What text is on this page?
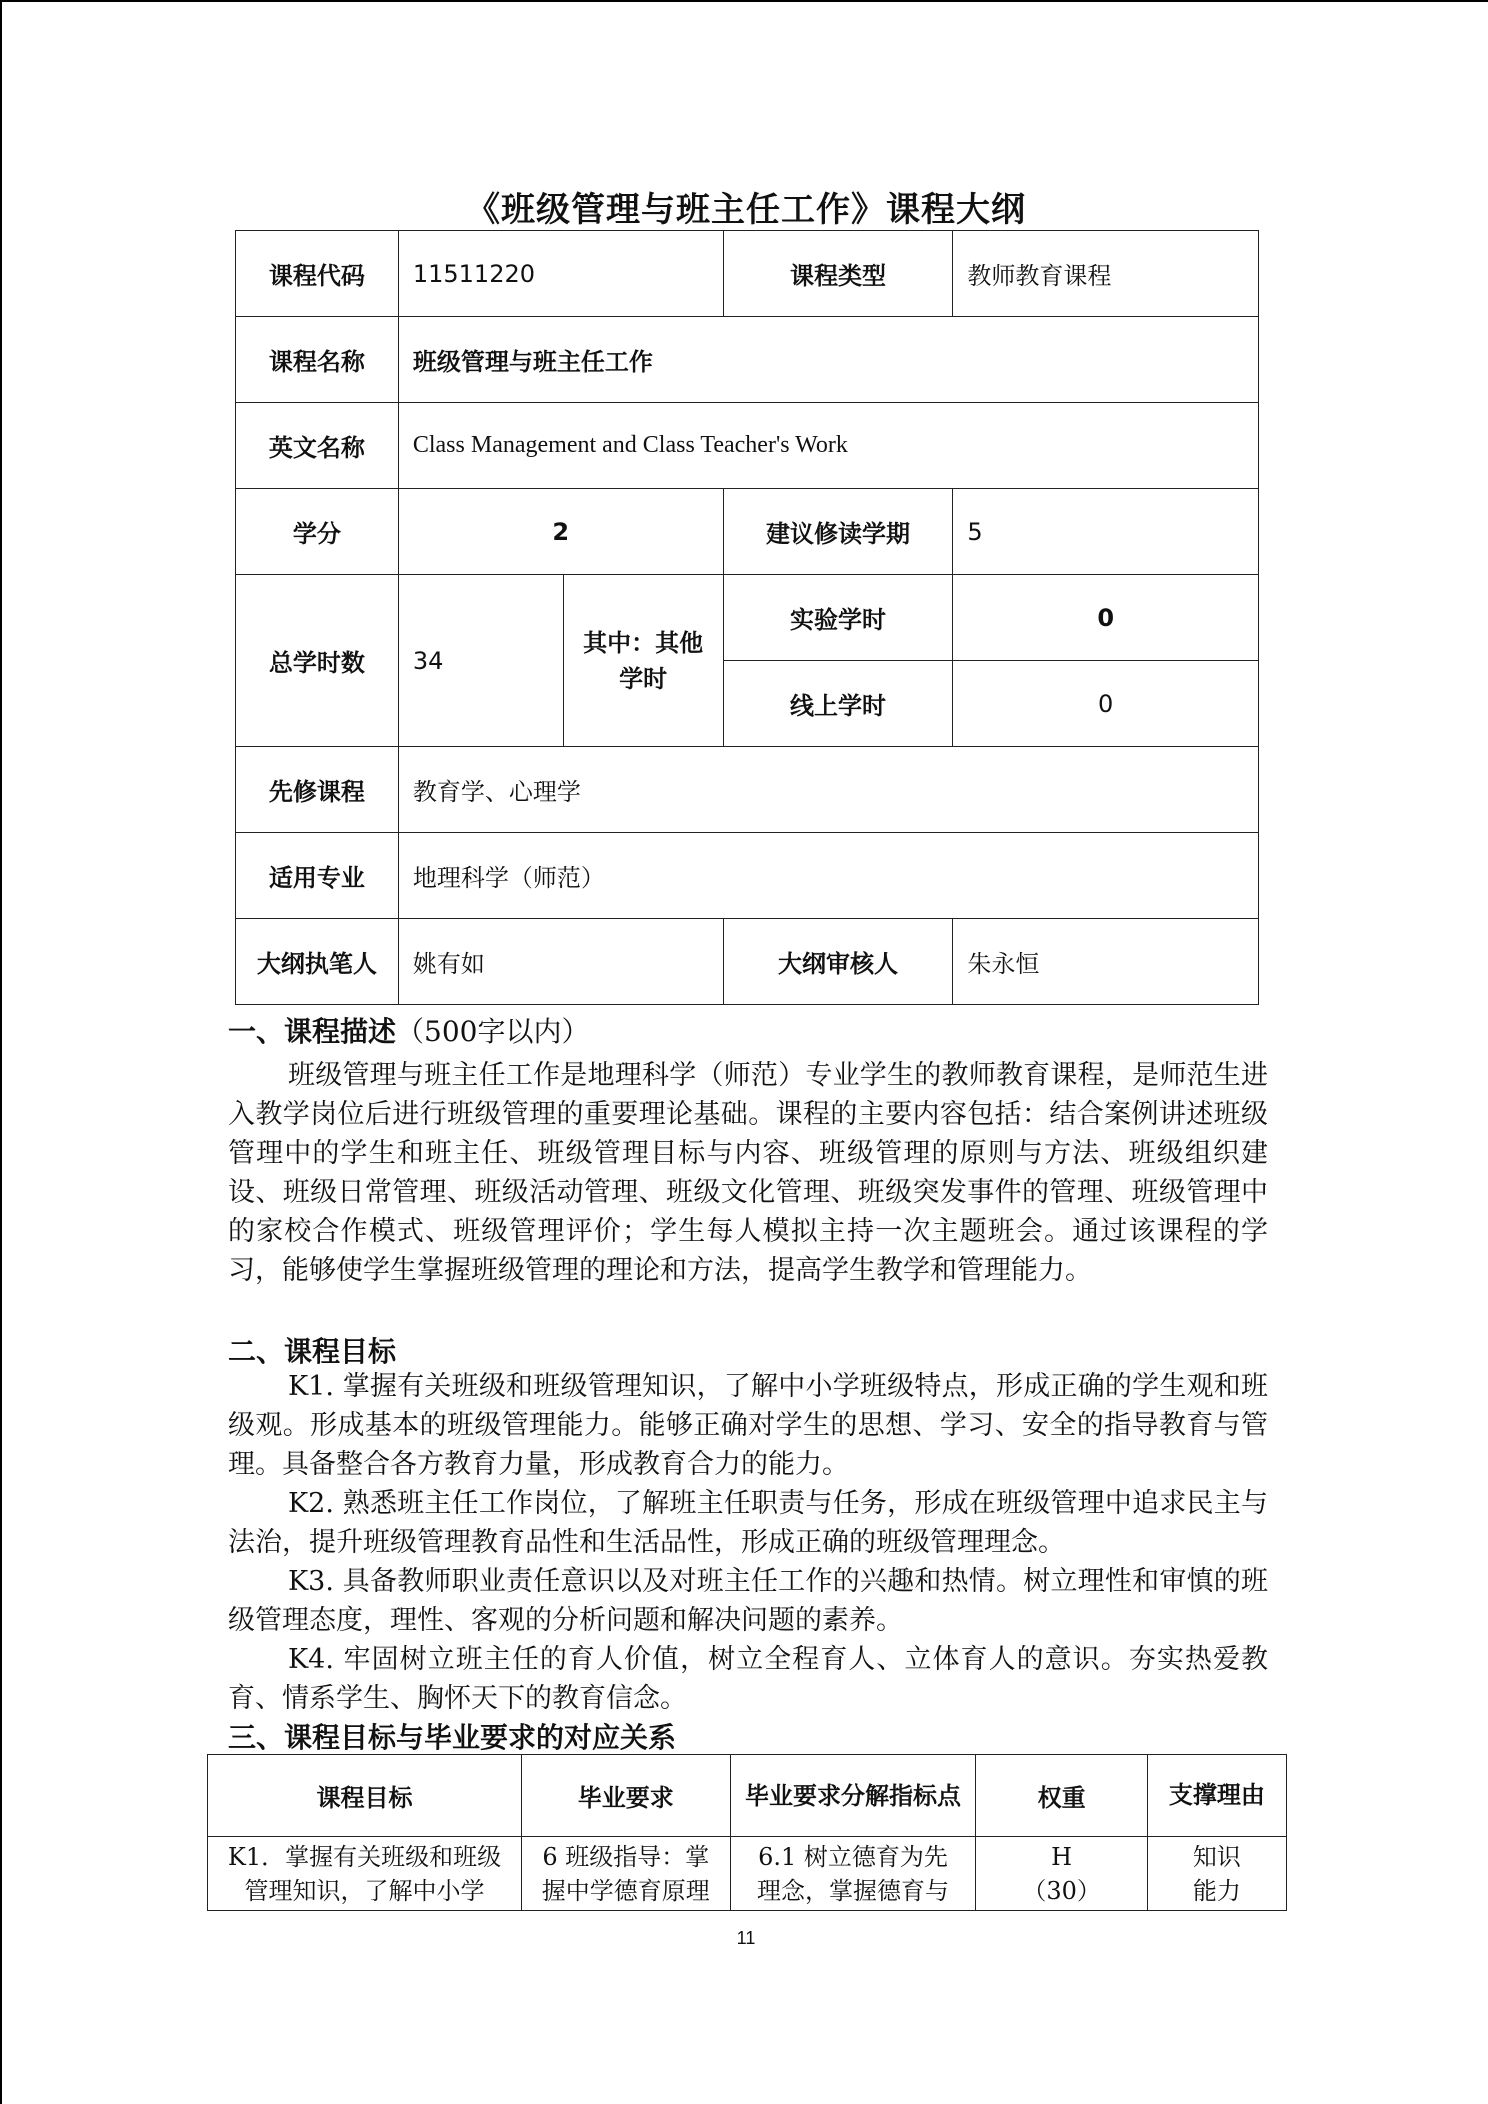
《班级管理与班主任工作》课程大纲
课程代码	11511220		课程类型	教师教育课程
课程名称	班级管理与班主任工作			
英文名称	Class Management and Class Teacher's Work			
学分	2		建议修读学期	5
总学时数	34	其中：其他学时	实验学时	0
			线上学时	0
先修课程	教育学、心理学			
适用专业	地理科学（师范）			
大纲执笔人	姚有如		大纲审核人	朱永恒
一、课程描述（500字以内）

班级管理与班主任工作是地理科学（师范）专业学生的教师教育课程，是师范生进入教学岗位后进行班级管理的重要理论基础。课程的主要内容包括：结合案例讲述班级管理中的学生和班主任、班级管理目标与内容、班级管理的原则与方法、班级组织建设、班级日常管理、班级活动管理、班级文化管理、班级突发事件的管理、班级管理中的家校合作模式、班级管理评价；学生每人模拟主持一次主题班会。通过该课程的学习，能够使学生掌握班级管理的理论和方法，提高学生教学和管理能力。

二、课程目标

K1. 掌握有关班级和班级管理知识，了解中小学班级特点，形成正确的学生观和班级观。形成基本的班级管理能力。能够正确对学生的思想、学习、安全的指导教育与管理。具备整合各方教育力量，形成教育合力的能力。

K2. 熟悉班主任工作岗位，了解班主任职责与任务，形成在班级管理中追求民主与法治，提升班级管理教育品性和生活品性，形成正确的班级管理理念。

K3. 具备教师职业责任意识以及对班主任工作的兴趣和热情。树立理性和审慎的班级管理态度，理性、客观的分析问题和解决问题的素养。

K4. 牢固树立班主任的育人价值，树立全程育人、立体育人的意识。夯实热爱教育、情系学生、胸怀天下的教育信念。

三、课程目标与毕业要求的对应关系
课程目标	毕业要求	毕业要求分解指标点	权重	支撑理由
K1．掌握有关班级和班级管理知识，了解中小学	6 班级指导：掌握中学德育原理	6.1 树立德育为先理念，掌握德育与	H（30）	知识能力
11
